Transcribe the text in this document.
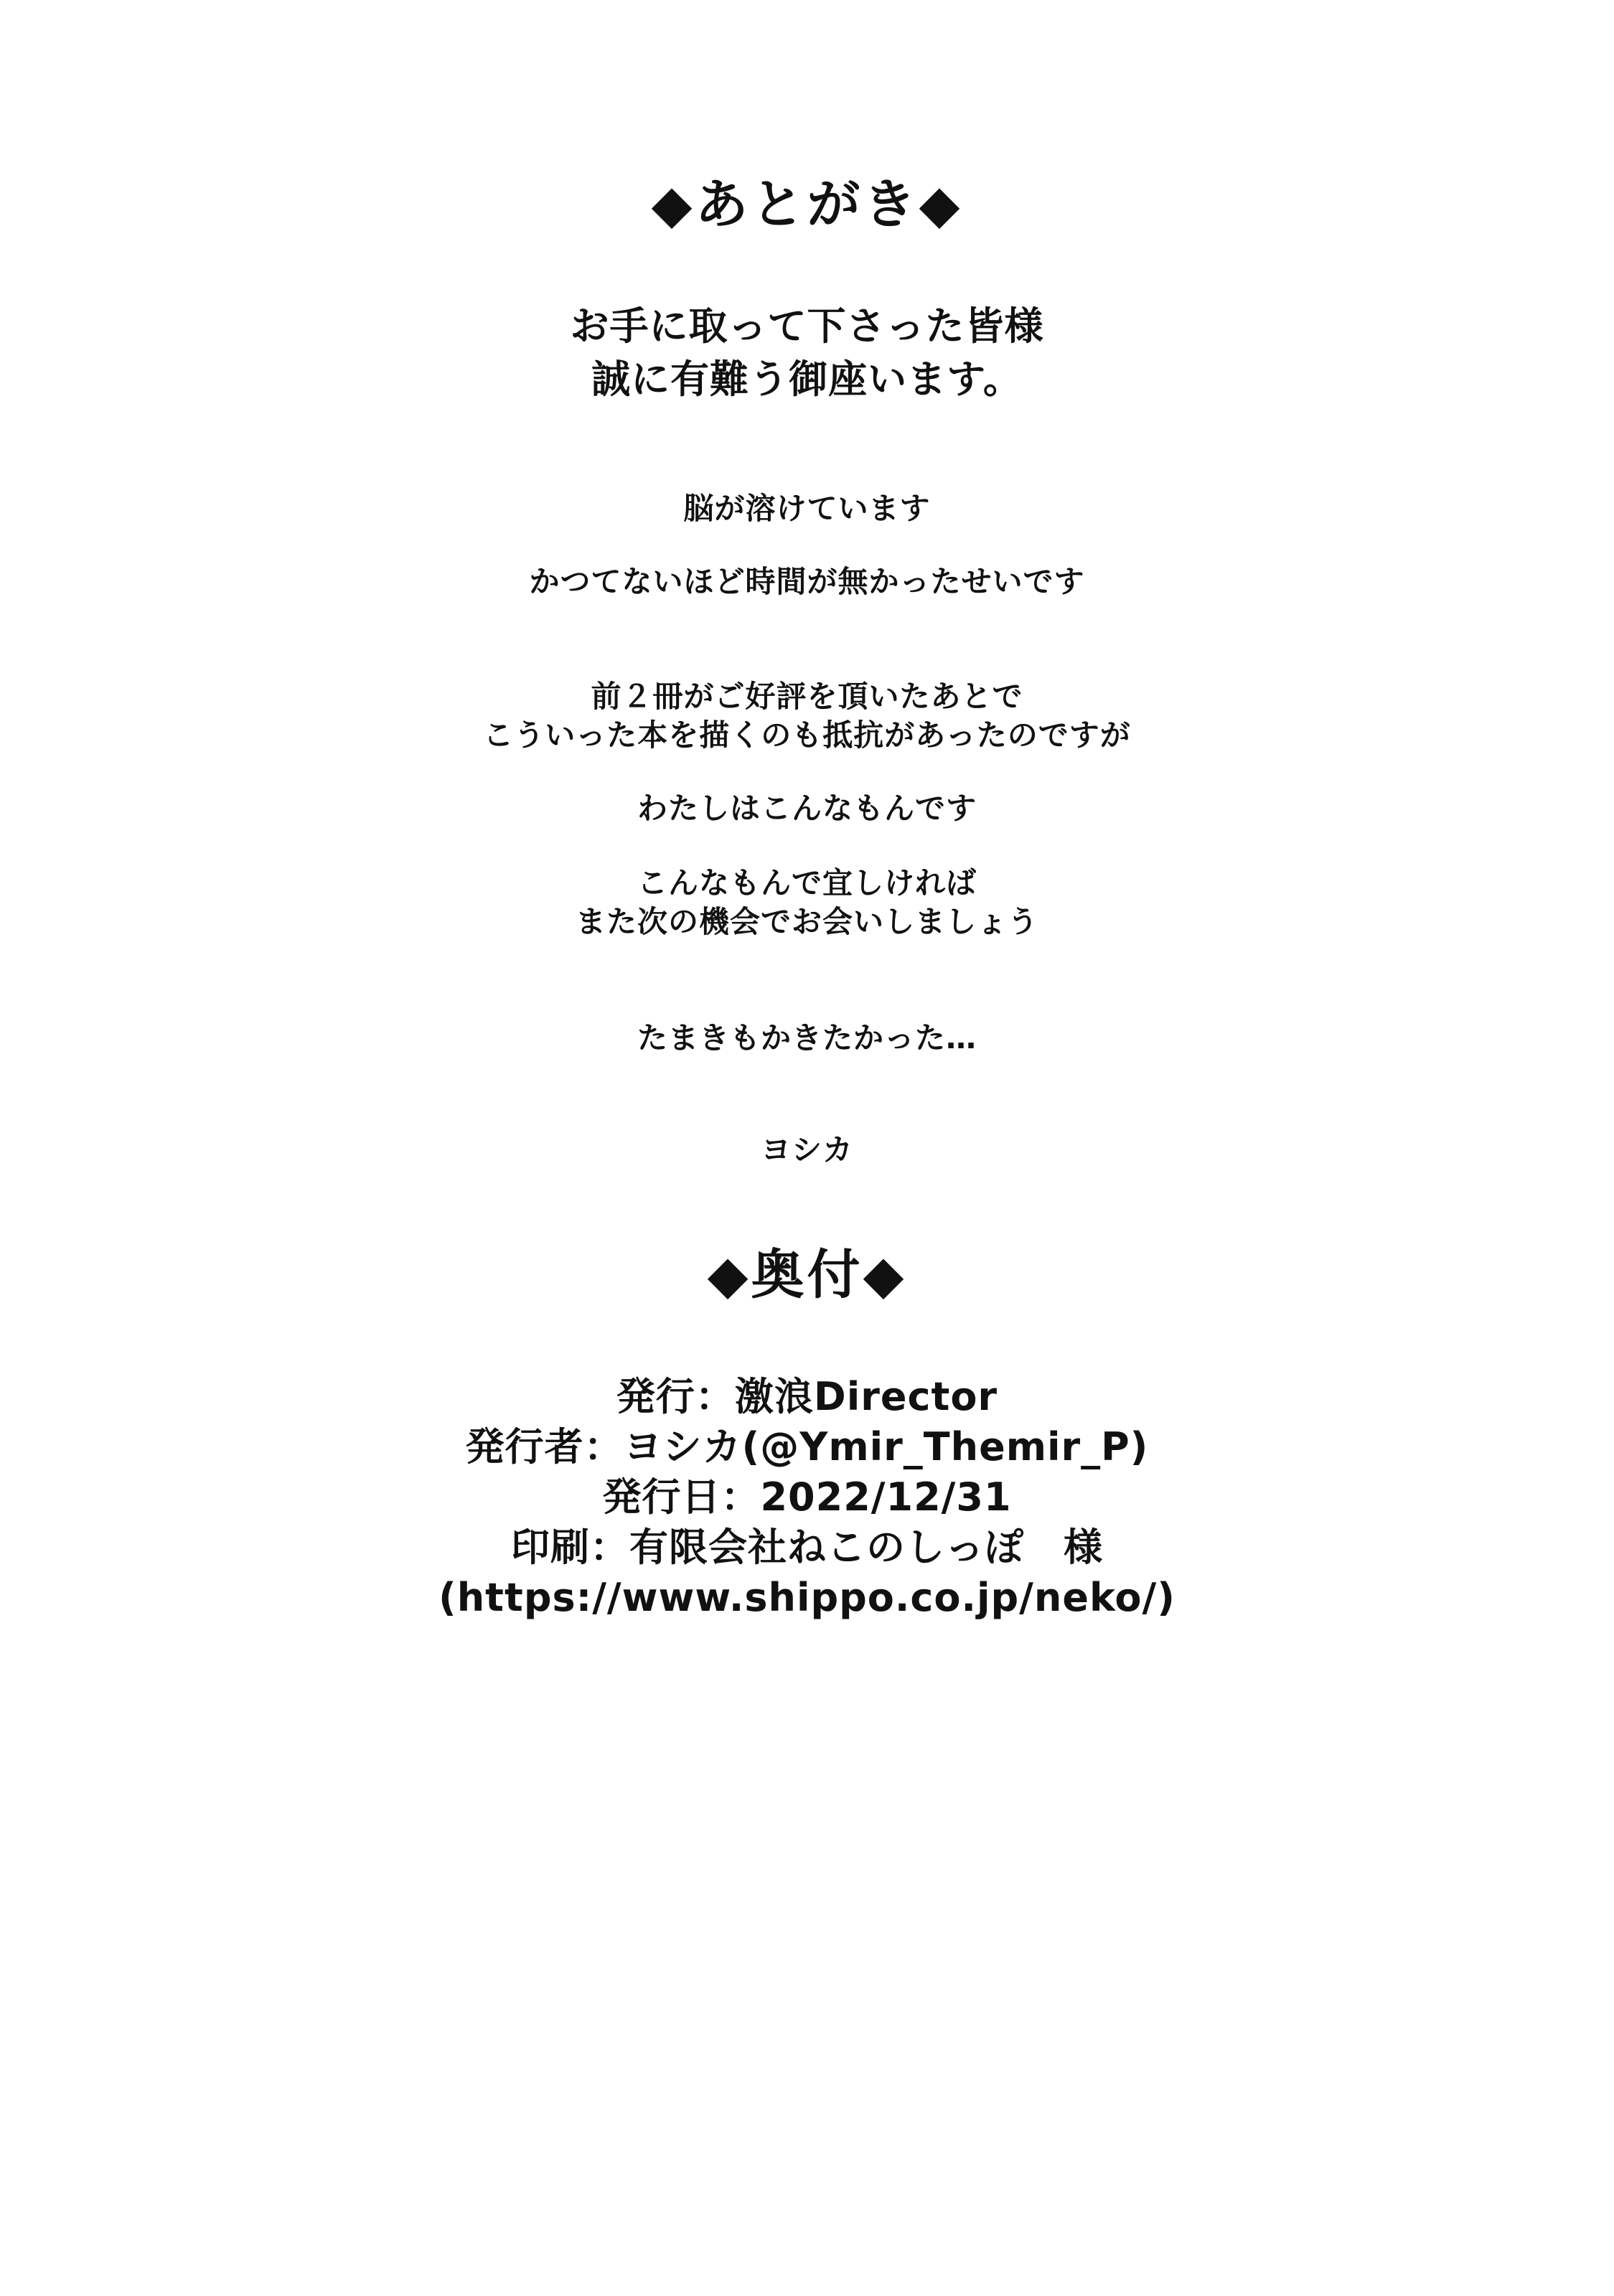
◆あとがき◆
お手に取って下さった皆様
誠に有難う御座います。
脳が溶けています
かつてないほど時間が無かったせいです
前２冊がご好評を頂いたあとで
こういった本を描くのも抵抗があったのですが
わたしはこんなもんです
こんなもんで宜しければ
また次の機会でお会いしましょう
たまきもかきたかった…
ヨシカ
◆奥付◆
発行：激浪Director
発行者：ヨシカ(@Ymir_Themir_P)
発行日：2022/12/31
印刷：有限会社ねこのしっぽ　様
(https://www.shippo.co.jp/neko/)
